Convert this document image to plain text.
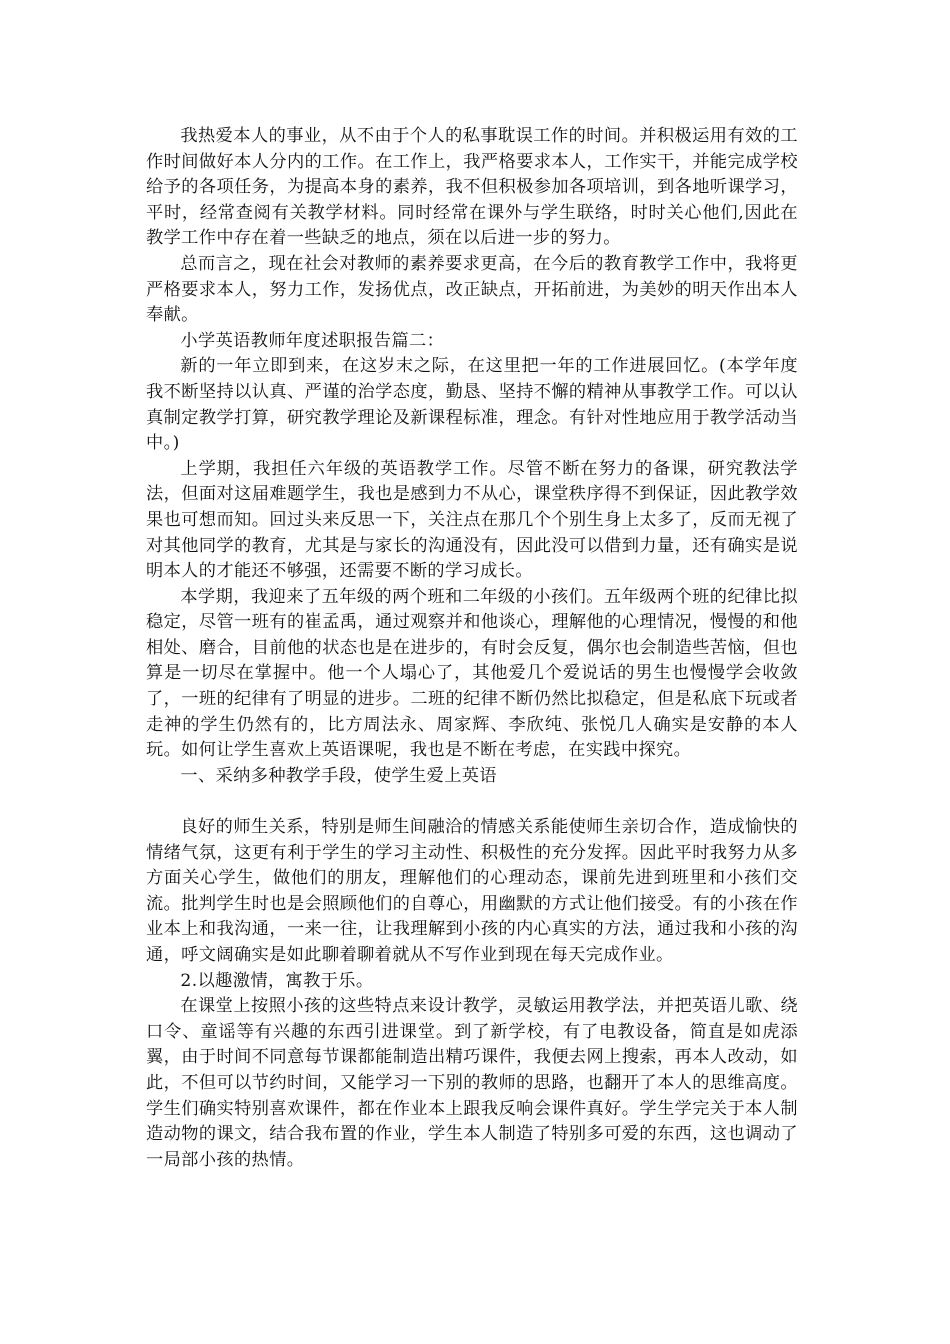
我热爱本人的事业，从不由于个人的私事耽误工作的时间。并积极运用有效的工作时间做好本人分内的工作。在工作上，我严格要求本人，工作实干，并能完成学校给予的各项任务，为提高本身的素养，我不但积极参加各项培训，到各地听课学习，平时，经常查阅有关教学材料。同时经常在课外与学生联络，时时关心他们,因此在教学工作中存在着一些缺乏的地点，须在以后进一步的努力。

总而言之，现在社会对教师的素养要求更高，在今后的教育教学工作中，我将更严格要求本人，努力工作，发扬优点，改正缺点，开拓前进，为美妙的明天作出本人奉献。

小学英语教师年度述职报告篇二：

新的一年立即到来，在这岁末之际，在这里把一年的工作进展回忆。(本学年度我不断坚持以认真、严谨的治学态度，勤恳、坚持不懈的精神从事教学工作。可以认真制定教学打算，研究教学理论及新课程标准，理念。有针对性地应用于教学活动当中。)

上学期，我担任六年级的英语教学工作。尽管不断在努力的备课，研究教法学法，但面对这届难题学生，我也是感到力不从心，课堂秩序得不到保证，因此教学效果也可想而知。回过头来反思一下，关注点在那几个个别生身上太多了，反而无视了对其他同学的教育，尤其是与家长的沟通没有，因此没可以借到力量，还有确实是说明本人的才能还不够强，还需要不断的学习成长。

本学期，我迎来了五年级的两个班和二年级的小孩们。五年级两个班的纪律比拟稳定，尽管一班有的崔孟禹，通过观察并和他谈心，理解他的心理情况，慢慢的和他相处、磨合，目前他的状态也是在进步的，有时会反复，偶尔也会制造些苦恼，但也算是一切尽在掌握中。他一个人塌心了，其他爱几个爱说话的男生也慢慢学会收敛了，一班的纪律有了明显的进步。二班的纪律不断仍然比拟稳定，但是私底下玩或者走神的学生仍然有的，比方周法永、周家辉、李欣纯、张悦几人确实是安静的本人玩。如何让学生喜欢上英语课呢，我也是不断在考虑，在实践中探究。

一、采纳多种教学手段，使学生爱上英语

良好的师生关系，特别是师生间融洽的情感关系能使师生亲切合作，造成愉快的情绪气氛，这更有利于学生的学习主动性、积极性的充分发挥。因此平时我努力从多方面关心学生，做他们的朋友，理解他们的心理动态，课前先进到班里和小孩们交流。批判学生时也是会照顾他们的自尊心，用幽默的方式让他们接受。有的小孩在作业本上和我沟通，一来一往，让我理解到小孩的内心真实的方法，通过我和小孩的沟通，呼文阔确实是如此聊着聊着就从不写作业到现在每天完成作业。

2.以趣激情，寓教于乐。

在课堂上按照小孩的这些特点来设计教学，灵敏运用教学法，并把英语儿歌、绕口令、童谣等有兴趣的东西引进课堂。到了新学校，有了电教设备，简直是如虎添翼，由于时间不同意每节课都能制造出精巧课件，我便去网上搜索，再本人改动，如此，不但可以节约时间，又能学习一下别的教师的思路，也翻开了本人的思维高度。学生们确实特别喜欢课件，都在作业本上跟我反响会课件真好。学生学完关于本人制造动物的课文，结合我布置的作业，学生本人制造了特别多可爱的东西，这也调动了一局部小孩的热情。
